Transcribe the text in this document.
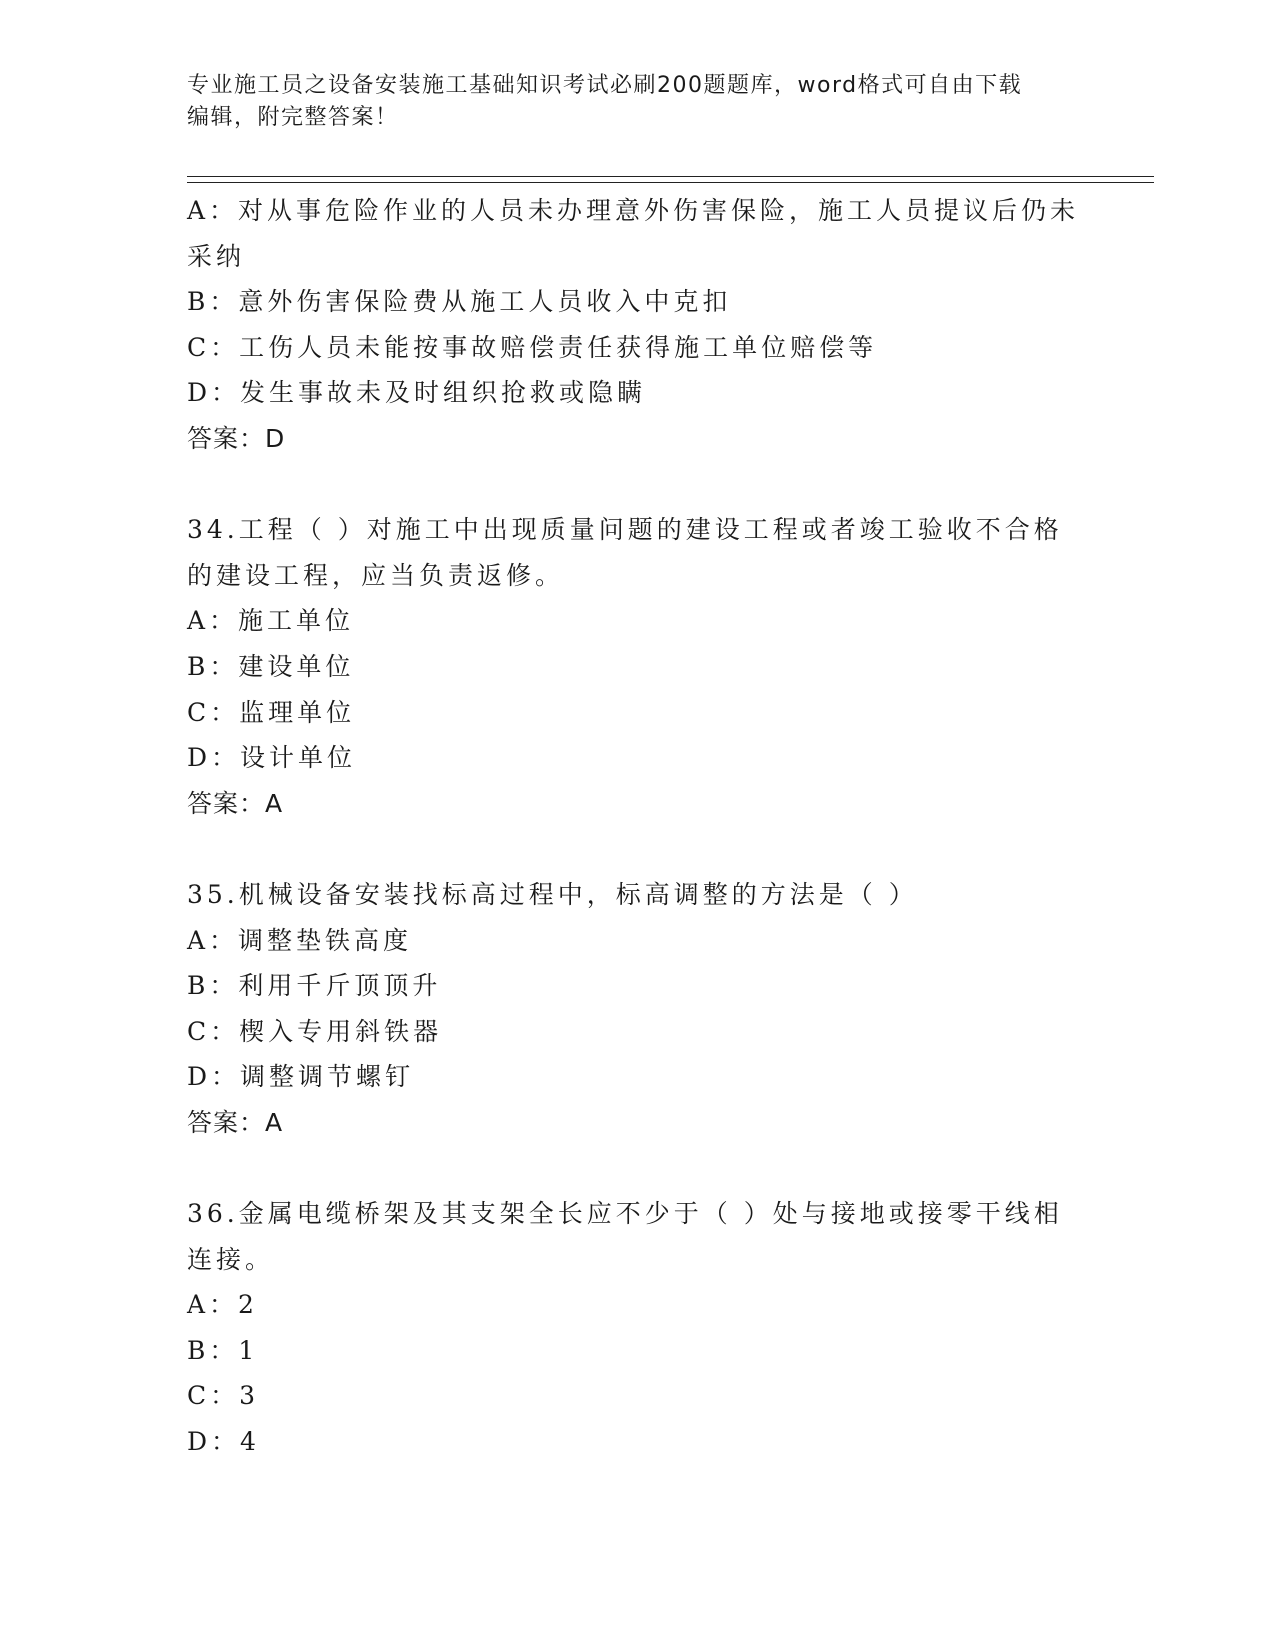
专业施工员之设备安装施工基础知识考试必刷200题题库，word格式可自由下载
编辑，附完整答案！
A：对从事危险作业的人员未办理意外伤害保险，施工人员提议后仍未
采纳
B：意外伤害保险费从施工人员收入中克扣
C：工伤人员未能按事故赔偿责任获得施工单位赔偿等
D：发生事故未及时组织抢救或隐瞒
答案：D
34.工程（ ）对施工中出现质量问题的建设工程或者竣工验收不合格
的建设工程，应当负责返修。
A：施工单位
B：建设单位
C：监理单位
D：设计单位
答案：A
35.机械设备安装找标高过程中，标高调整的方法是（ ）
A：调整垫铁高度
B：利用千斤顶顶升
C：楔入专用斜铁器
D：调整调节螺钉
答案：A
36.金属电缆桥架及其支架全长应不少于（ ）处与接地或接零干线相
连接。
A：2
B：1
C：3
D：4
